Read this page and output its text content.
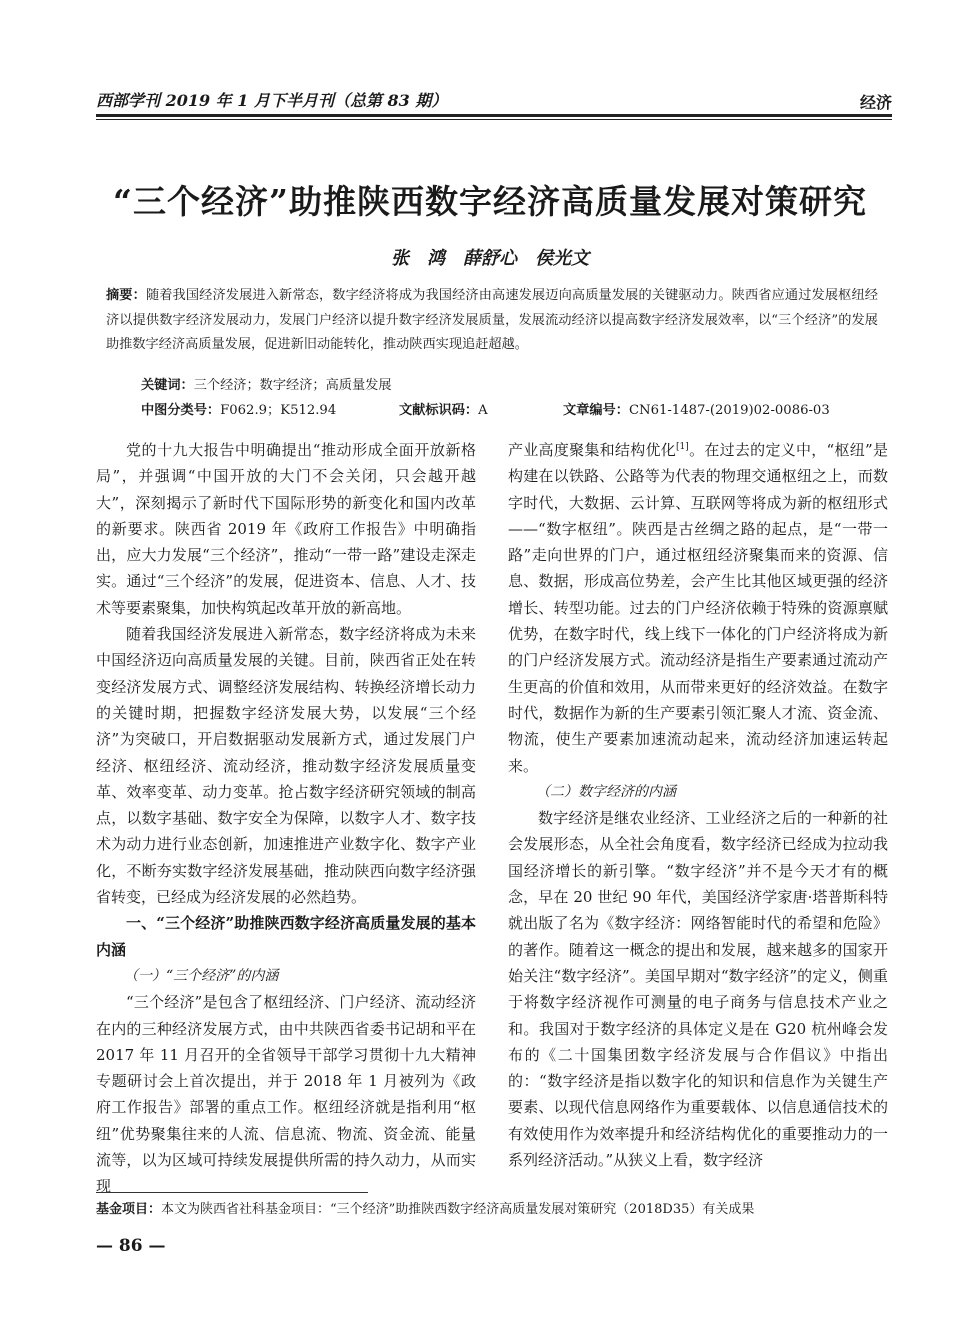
西部学刊 2019 年 1 月下半月刊（总第 83 期）	经济
“三个经济”助推陕西数字经济高质量发展对策研究
张　鸿　薛舒心　侯光文
摘要：随着我国经济发展进入新常态，数字经济将成为我国经济由高速发展迈向高质量发展的关键驱动力。陕西省应通过发展枢纽经济以提供数字经济发展动力，发展门户经济以提升数字经济发展质量，发展流动经济以提高数字经济发展效率，以“三个经济”的发展助推数字经济高质量发展，促进新旧动能转化，推动陕西实现追赶超越。
关键词：三个经济；数字经济；高质量发展
中图分类号：F062.9；K512.94	文献标识码：A	文章编号：CN61-1487-(2019)02-0086-03

党的十九大报告中明确提出“推动形成全面开放新格局”，并强调“中国开放的大门不会关闭，只会越开越大”，深刻揭示了新时代下国际形势的新变化和国内改革的新要求。陕西省 2019 年《政府工作报告》中明确指出，应大力发展“三个经济”，推动“一带一路”建设走深走实。通过“三个经济”的发展，促进资本、信息、人才、技术等要素聚集，加快构筑起改革开放的新高地。

随着我国经济发展进入新常态，数字经济将成为未来中国经济迈向高质量发展的关键。目前，陕西省正处在转变经济发展方式、调整经济发展结构、转换经济增长动力的关键时期，把握数字经济发展大势，以发展“三个经济”为突破口，开启数据驱动发展新方式，通过发展门户经济、枢纽经济、流动经济，推动数字经济发展质量变革、效率变革、动力变革。抢占数字经济研究领域的制高点，以数字基础、数字安全为保障，以数字人才、数字技术为动力进行业态创新，加速推进产业数字化、数字产业化，不断夯实数字经济发展基础，推动陕西向数字经济强省转变，已经成为经济发展的必然趋势。

一、“三个经济”助推陕西数字经济高质量发展的基本内涵
（一）“三个经济”的内涵

“三个经济”是包含了枢纽经济、门户经济、流动经济在内的三种经济发展方式，由中共陕西省委书记胡和平在 2017 年 11 月召开的全省领导干部学习贯彻十九大精神专题研讨会上首次提出，并于 2018 年 1 月被列为《政府工作报告》部署的重点工作。枢纽经济就是指利用“枢纽”优势聚集往来的人流、信息流、物流、资金流、能量流等，以为区域可持续发展提供所需的持久动力，从而实现

产业高度聚集和结构优化[1]。在过去的定义中，“枢纽”是构建在以铁路、公路等为代表的物理交通枢纽之上，而数字时代，大数据、云计算、互联网等将成为新的枢纽形式——“数字枢纽”。陕西是古丝绸之路的起点，是“一带一路”走向世界的门户，通过枢纽经济聚集而来的资源、信息、数据，形成高位势差，会产生比其他区域更强的经济增长、转型功能。过去的门户经济依赖于特殊的资源禀赋优势，在数字时代，线上线下一体化的门户经济将成为新的门户经济发展方式。流动经济是指生产要素通过流动产生更高的价值和效用，从而带来更好的经济效益。在数字时代，数据作为新的生产要素引领汇聚人才流、资金流、物流，使生产要素加速流动起来，流动经济加速运转起来。

（二）数字经济的内涵

数字经济是继农业经济、工业经济之后的一种新的社会发展形态，从全社会角度看，数字经济已经成为拉动我国经济增长的新引擎。“数字经济”并不是今天才有的概念，早在 20 世纪 90 年代，美国经济学家唐·塔普斯科特就出版了名为《数字经济：网络智能时代的希望和危险》的著作。随着这一概念的提出和发展，越来越多的国家开始关注“数字经济”。美国早期对“数字经济”的定义，侧重于将数字经济视作可测量的电子商务与信息技术产业之和。我国对于数字经济的具体定义是在 G20 杭州峰会发布的《二十国集团数字经济发展与合作倡议》中指出的：“数字经济是指以数字化的知识和信息作为关键生产要素、以现代信息网络作为重要载体、以信息通信技术的有效使用作为效率提升和经济结构优化的重要推动力的一系列经济活动。”从狭义上看，数字经济

基金项目：本文为陕西省社科基金项目：“三个经济”助推陕西数字经济高质量发展对策研究（2018D35）有关成果
— 86 —
